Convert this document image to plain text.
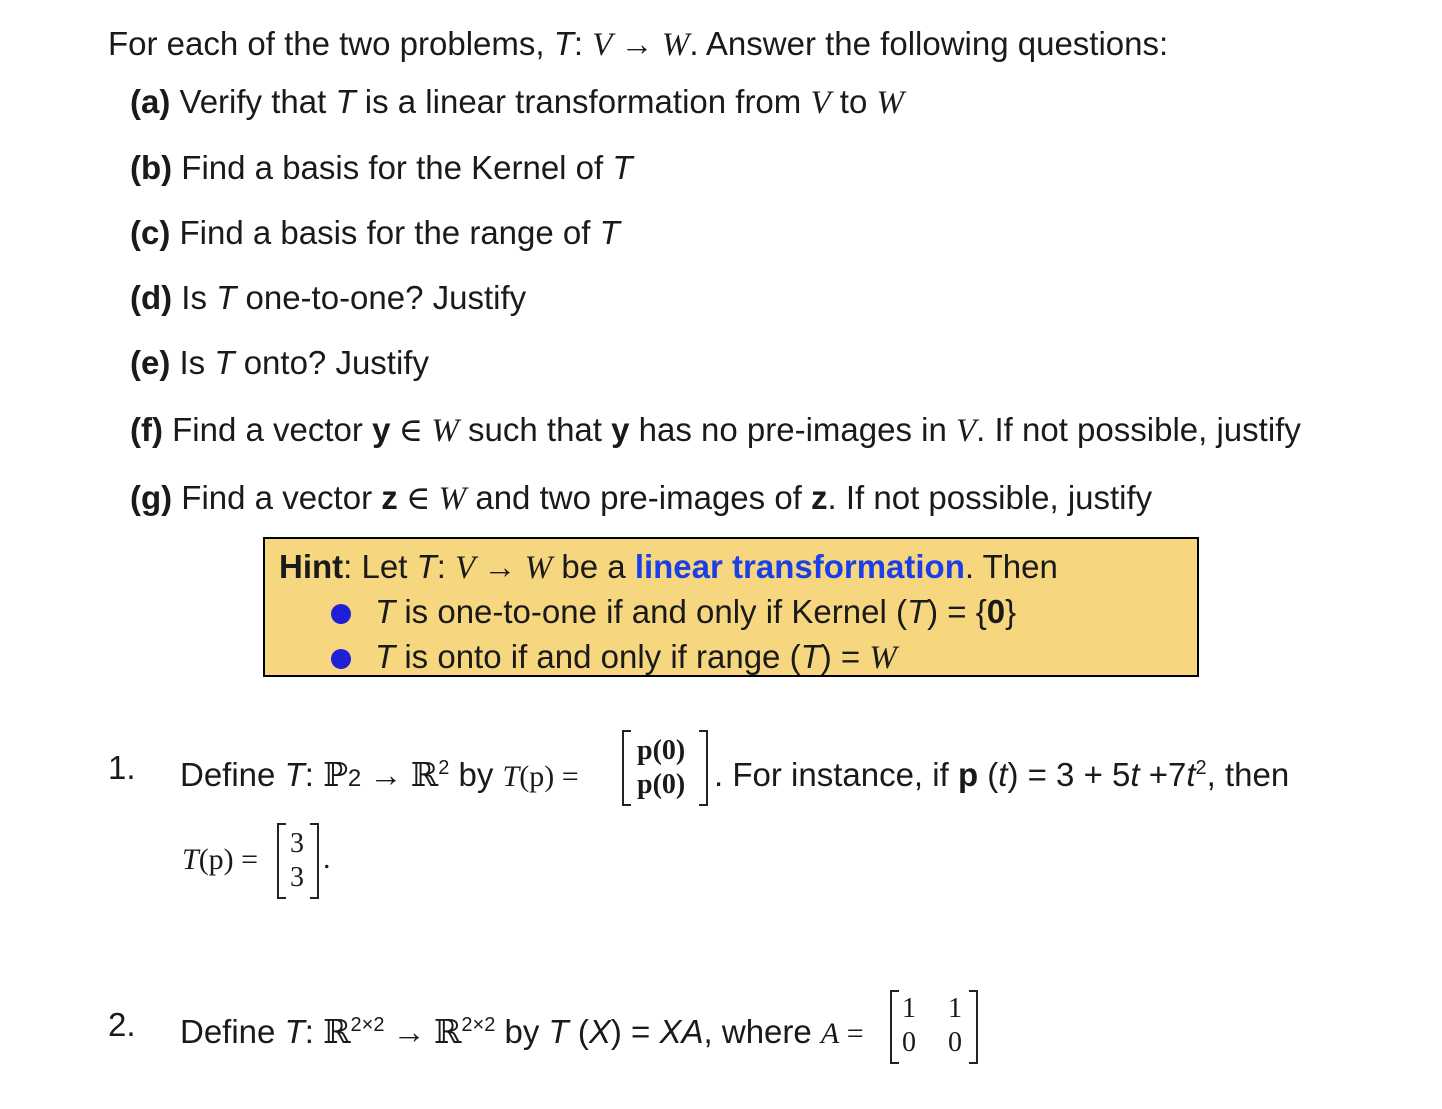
For each of the two problems, T: V → W. Answer the following questions:
(a) Verify that T is a linear transformation from V to W
(b) Find a basis for the Kernel of T
(c) Find a basis for the range of T
(d) Is T one-to-one? Justify
(e) Is T onto? Justify
(f) Find a vector y ∈ W such that y has no pre-images in V. If not possible, justify
(g) Find a vector z ∈ W and two pre-images of z. If not possible, justify
Hint: Let T: V → W be a linear transformation. Then
T is one-to-one if and only if Kernel (T) = {0}
T is onto if and only if range (T) = W
1. Define T: ℙ2 → ℝ$^2$ by T(p) =
p(0)
p(0) . For instance, if p $(t) = 3 + 5t +7t^2$, then
T(p) = 3
3
.
2. Define T: ℝ$^{2\times 2}$ → ℝ$^{2\times 2}$ by T (X) = XA, where A =
1 1
0 0
